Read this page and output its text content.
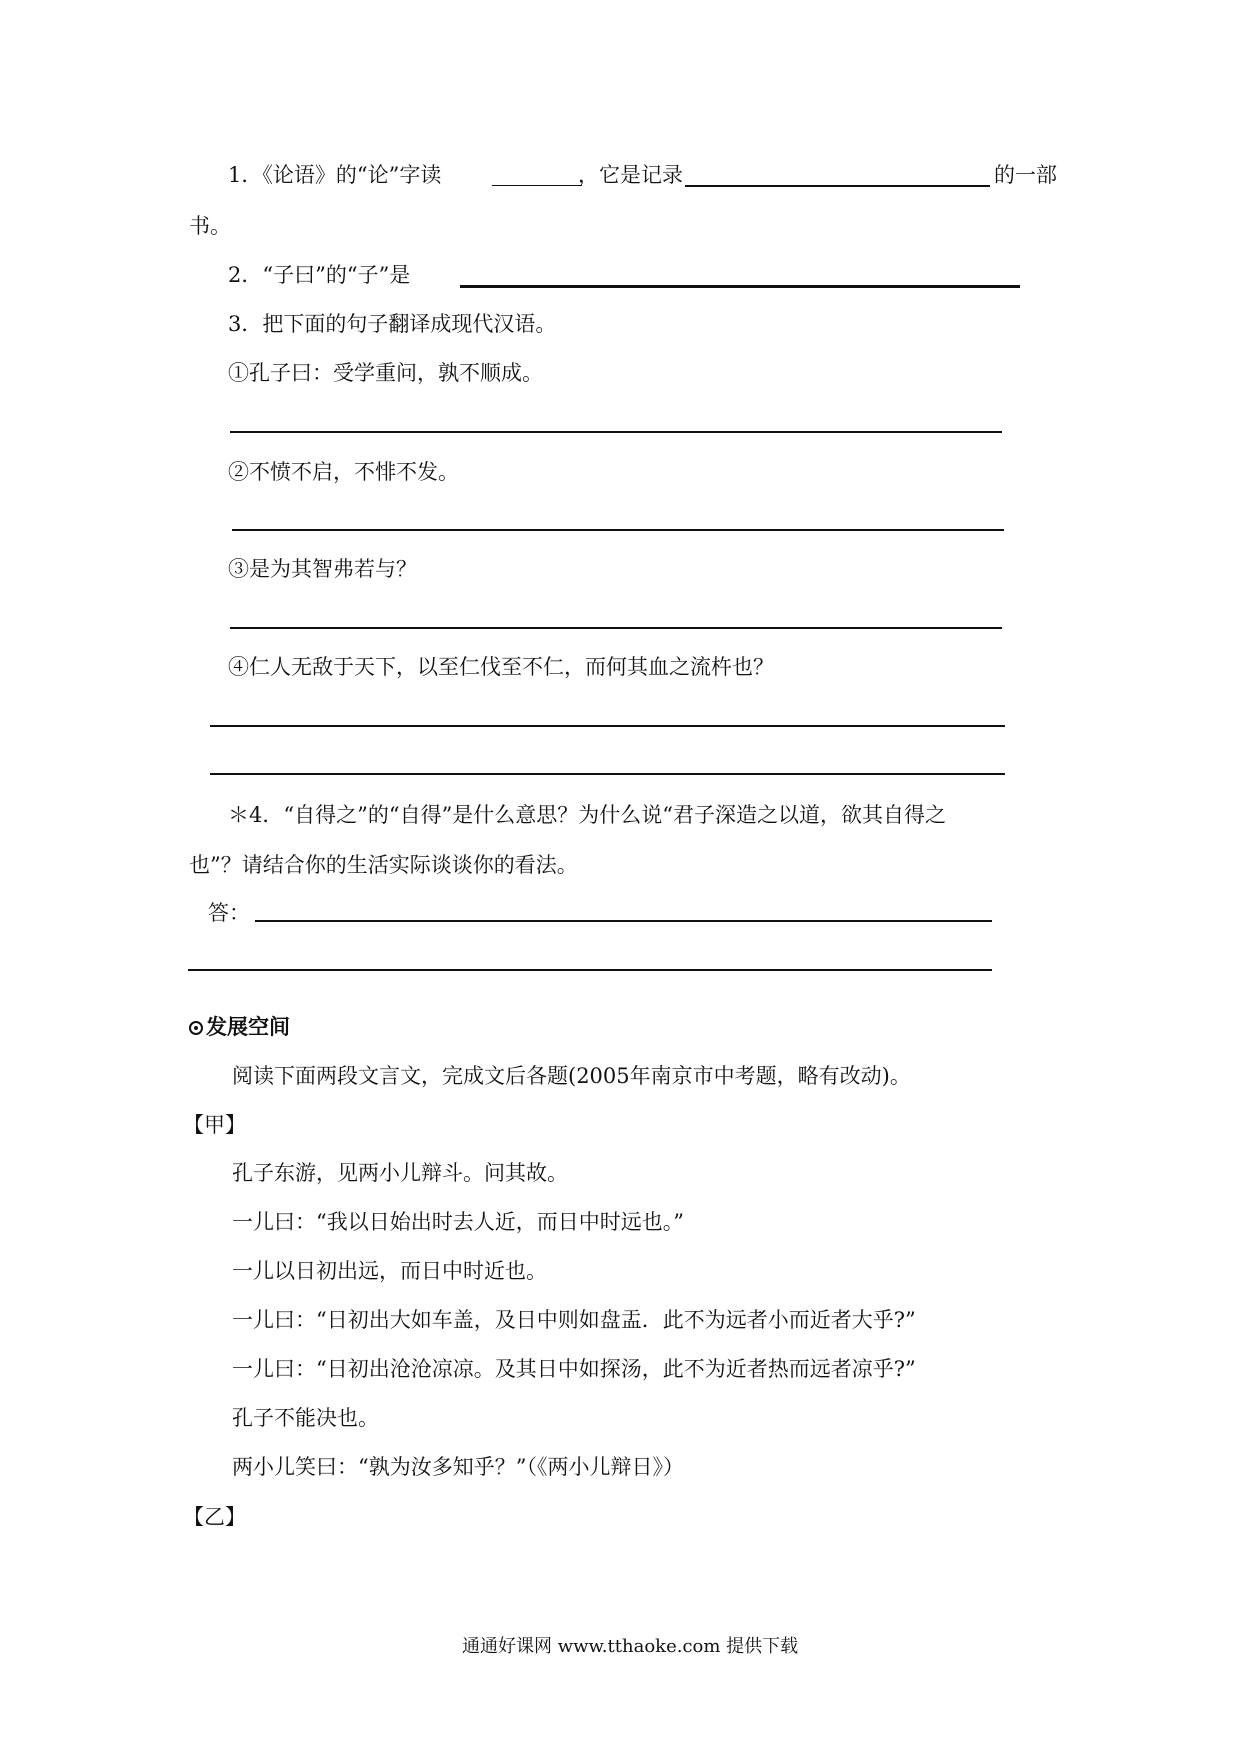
1．《论语》的“论”字读	，它是记录	的一部
书。
2．“子曰”的“子”是
3．把下面的句子翻译成现代汉语。
①孔子曰：受学重问，孰不顺成。
②不愤不启，不悱不发。
③是为其智弗若与？
④仁人无敌于天下，以至仁伐至不仁，而何其血之流杵也？
＊4．“自得之”的“自得”是什么意思？为什么说“君子深造之以道，欲其自得之
也”？请结合你的生活实际谈谈你的看法。
答：
发展空间
阅读下面两段文言文，完成文后各题(2005年南京市中考题，略有改动)。
【甲】
孔子东游，见两小儿辩斗。问其故。
一儿曰：“我以日始出时去人近，而日中时远也。”
一儿以日初出远，而日中时近也。
一儿曰：“日初出大如车盖，及日中则如盘盂．此不为远者小而近者大乎?”
一儿曰：“日初出沧沧凉凉。及其日中如探汤，此不为近者热而远者凉乎?”
孔子不能决也。
两小儿笑曰：“孰为汝多知乎？”（《两小儿辩日》）
【乙】
通通好课网 www.tthaoke.com 提供下载
